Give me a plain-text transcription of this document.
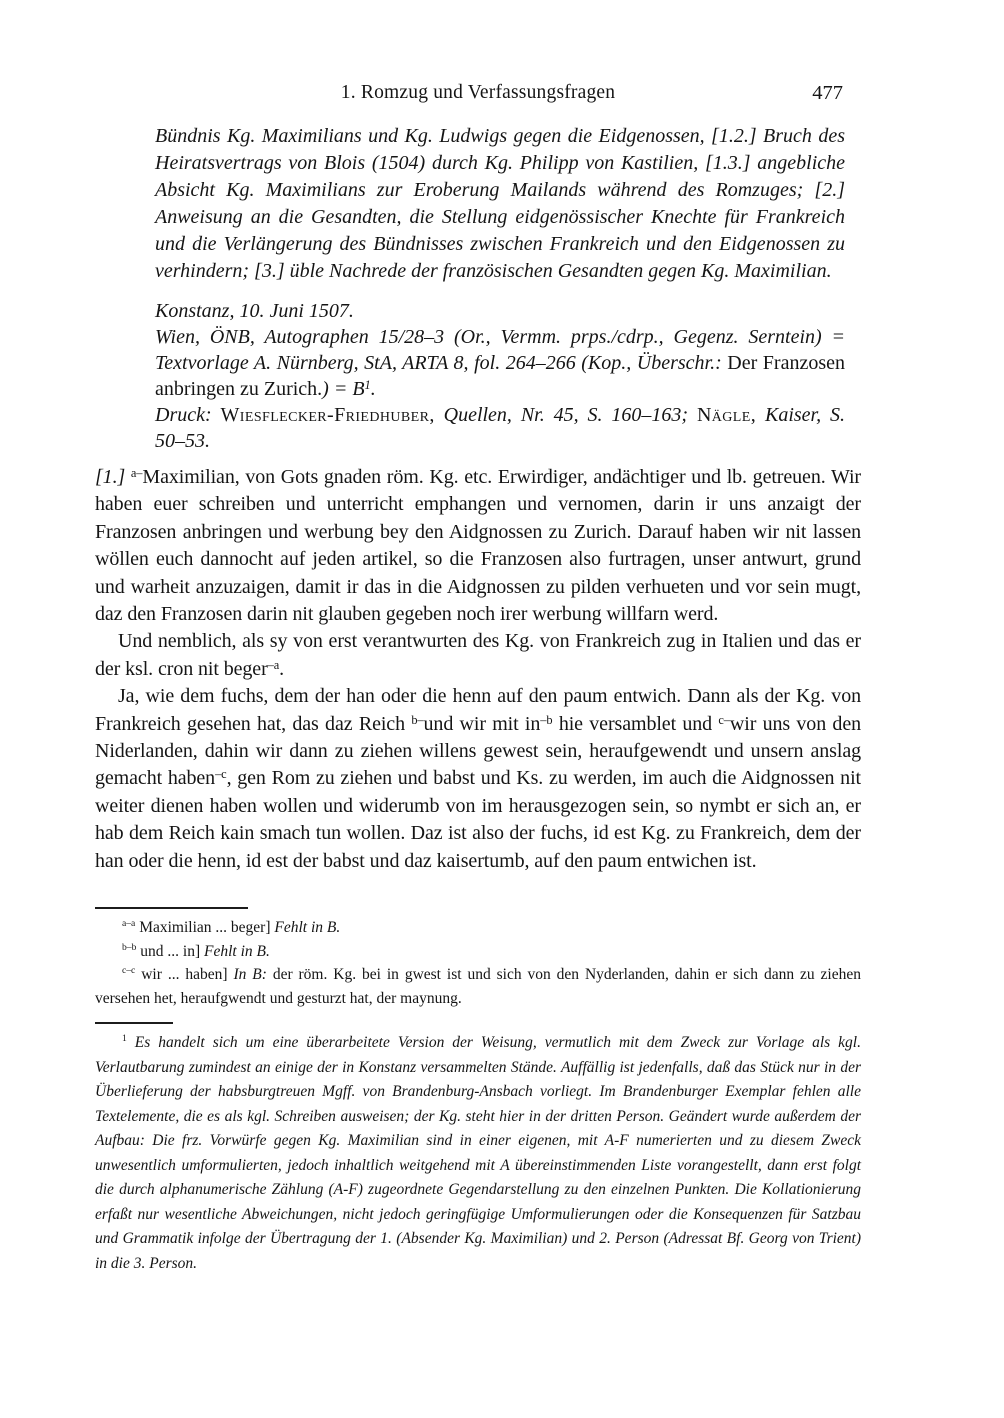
1. Romzug und Verfassungsfragen	477
Bündnis Kg. Maximilians und Kg. Ludwigs gegen die Eidgenossen, [1.2.] Bruch des Heiratsvertrags von Blois (1504) durch Kg. Philipp von Kastilien, [1.3.] angebliche Absicht Kg. Maximilians zur Eroberung Mailands während des Romzuges; [2.] Anweisung an die Gesandten, die Stellung eidgenössischer Knechte für Frankreich und die Verlängerung des Bündnisses zwischen Frankreich und den Eidgenossen zu verhindern; [3.] üble Nachrede der französischen Gesandten gegen Kg. Maximilian.

Konstanz, 10. Juni 1507.

Wien, ÖNB, Autographen 15/28–3 (Or., Vermm. prps./cdrp., Gegenz. Serntein) = Textvorlage A. Nürnberg, StA, ARTA 8, fol. 264–266 (Kop., Überschr.: Der Franzosen anbringen zu Zurich.) = $B^1$.

Druck: Wiesflecker-Friedhuber, Quellen, Nr. 45, S. 160–163; Nägle, Kaiser, S. 50–53.

[1.] $^{a-}$Maximilian, von Gots gnaden röm. Kg. etc. Erwirdiger, andächtiger und lb. getreuen. Wir haben euer schreiben und unterricht emphangen und vernomen, darin ir uns anzaigt der Franzosen anbringen und werbung bey den Aidgnossen zu Zurich. Darauf haben wir nit lassen wöllen euch dannocht auf jeden artikel, so die Franzosen also furtragen, unser antwurt, grund und warheit anzuzaigen, damit ir das in die Aidgnossen zu pilden verhueten und vor sein mugt, daz den Franzosen darin nit glauben gegeben noch irer werbung willfarn werd.

Und nemblich, als sy von erst verantwurten des Kg. von Frankreich zug in Italien und das er der ksl. cron nit beger$^{-a}$.

Ja, wie dem fuchs, dem der han oder die henn auf den paum entwich. Dann als der Kg. von Frankreich gesehen hat, das daz Reich $^{b-}$und wir mit $in^{-b}$ hie versamblet und $^{c-}$wir uns von den Niderlanden, dahin wir dann zu ziehen willens gewest sein, heraufgewendt und unsern anslag gemacht haben$^{-c}$, gen Rom zu ziehen und babst und Ks. zu werden, im auch die Aidgnossen nit weiter dienen haben wollen und widerumb von im herausgezogen sein, so nymbt er sich an, er hab dem Reich kain smach tun wollen. Daz ist also der fuchs, id est Kg. zu Frankreich, dem der han oder die henn, id est der babst und daz kaisertumb, auf den paum entwichen ist.

$^{a-a}$ Maximilian ... beger] Fehlt in B.

$^{b-b}$ und ... in] Fehlt in B.

$^{c-c}$ wir ... haben] In B: der röm. Kg. bei in gwest ist und sich von den Nyderlanden, dahin er sich dann zu ziehen versehen het, heraufgwendt und gesturzt hat, der maynung.

$^1$ Es handelt sich um eine überarbeitete Version der Weisung, vermutlich mit dem Zweck zur Vorlage als kgl. Verlautbarung zumindest an einige der in Konstanz versammelten Stände. Auffällig ist jedenfalls, daß das Stück nur in der Überlieferung der habsburgtreuen Mgff. von Brandenburg-Ansbach vorliegt. Im Brandenburger Exemplar fehlen alle Textelemente, die es als kgl. Schreiben ausweisen; der Kg. steht hier in der dritten Person. Geändert wurde außerdem der Aufbau: Die frz. Vorwürfe gegen Kg. Maximilian sind in einer eigenen, mit A-F numerierten und zu diesem Zweck unwesentlich umformulierten, jedoch inhaltlich weitgehend mit A übereinstimmenden Liste vorangestellt, dann erst folgt die durch alphanumerische Zählung (A-F) zugeordnete Gegendarstellung zu den einzelnen Punkten. Die Kollationierung erfaßt nur wesentliche Abweichungen, nicht jedoch geringfügige Umformulierungen oder die Konsequenzen für Satzbau und Grammatik infolge der Übertragung der 1. (Absender Kg. Maximilian) und 2. Person (Adressat Bf. Georg von Trient) in die 3. Person.
